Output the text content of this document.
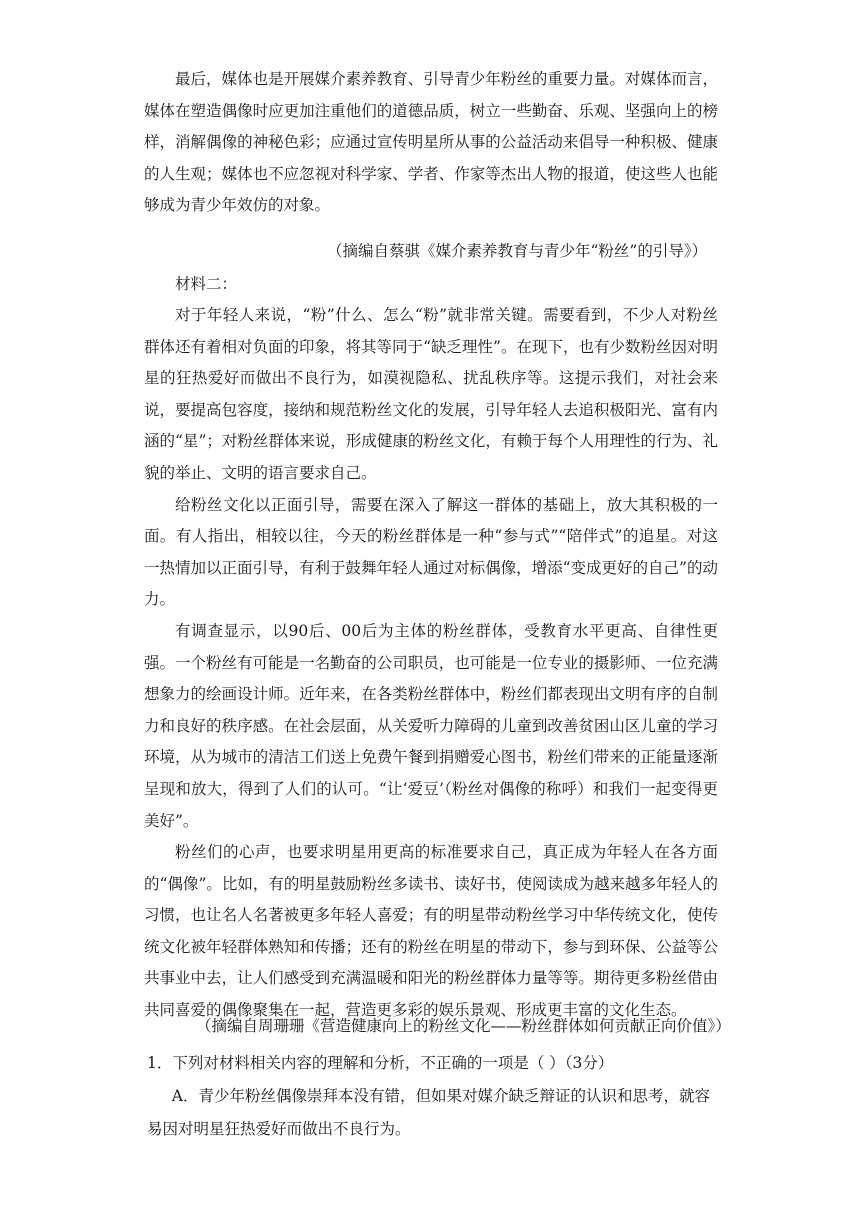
最后，媒体也是开展媒介素养教育、引导青少年粉丝的重要力量。对媒体而言，媒体在塑造偶像时应更加注重他们的道德品质，树立一些勤奋、乐观、坚强向上的榜样，消解偶像的神秘色彩；应通过宣传明星所从事的公益活动来倡导一种积极、健康的人生观；媒体也不应忽视对科学家、学者、作家等杰出人物的报道，使这些人也能够成为青少年效仿的对象。

（摘编自蔡骐《媒介素养教育与青少年“粉丝”的引导》）
材料二：

对于年轻人来说，“粉”什么、怎么“粉”就非常关键。需要看到，不少人对粉丝群体还有着相对负面的印象，将其等同于“缺乏理性”。在现下，也有少数粉丝因对明星的狂热爱好而做出不良行为，如漠视隐私、扰乱秩序等。这提示我们，对社会来说，要提高包容度，接纳和规范粉丝文化的发展，引导年轻人去追积极阳光、富有内涵的“星”；对粉丝群体来说，形成健康的粉丝文化，有赖于每个人用理性的行为、礼貌的举止、文明的语言要求自己。

给粉丝文化以正面引导，需要在深入了解这一群体的基础上，放大其积极的一面。有人指出，相较以往，今天的粉丝群体是一种“参与式”“陪伴式”的追星。对这一热情加以正面引导，有利于鼓舞年轻人通过对标偶像，增添“变成更好的自己”的动力。

有调查显示，以90后、00后为主体的粉丝群体，受教育水平更高、自律性更强。一个粉丝有可能是一名勤奋的公司职员，也可能是一位专业的摄影师、一位充满想象力的绘画设计师。近年来，在各类粉丝群体中，粉丝们都表现出文明有序的自制力和良好的秩序感。在社会层面，从关爱听力障碍的儿童到改善贫困山区儿童的学习环境，从为城市的清洁工们送上免费午餐到捐赠爱心图书，粉丝们带来的正能量逐渐呈现和放大，得到了人们的认可。“让‘爱豆’（粉丝对偶像的称呼）和我们一起变得更美好”。

粉丝们的心声，也要求明星用更高的标准要求自己，真正成为年轻人在各方面的“偶像”。比如，有的明星鼓励粉丝多读书、读好书，使阅读成为越来越多年轻人的习惯，也让名人名著被更多年轻人喜爱；有的明星带动粉丝学习中华传统文化，使传统文化被年轻群体熟知和传播；还有的粉丝在明星的带动下，参与到环保、公益等公共事业中去，让人们感受到充满温暖和阳光的粉丝群体力量等等。期待更多粉丝借由共同喜爱的偶像聚集在一起，营造更多彩的娱乐景观、形成更丰富的文化生态。

（摘编自周珊珊《营造健康向上的粉丝文化——粉丝群体如何贡献正向价值》）
1．下列对材料相关内容的理解和分析，不正确的一项是（ ）（3分）

A．青少年粉丝偶像崇拜本没有错，但如果对媒介缺乏辩证的认识和思考，就容易因对明星狂热爱好而做出不良行为。
